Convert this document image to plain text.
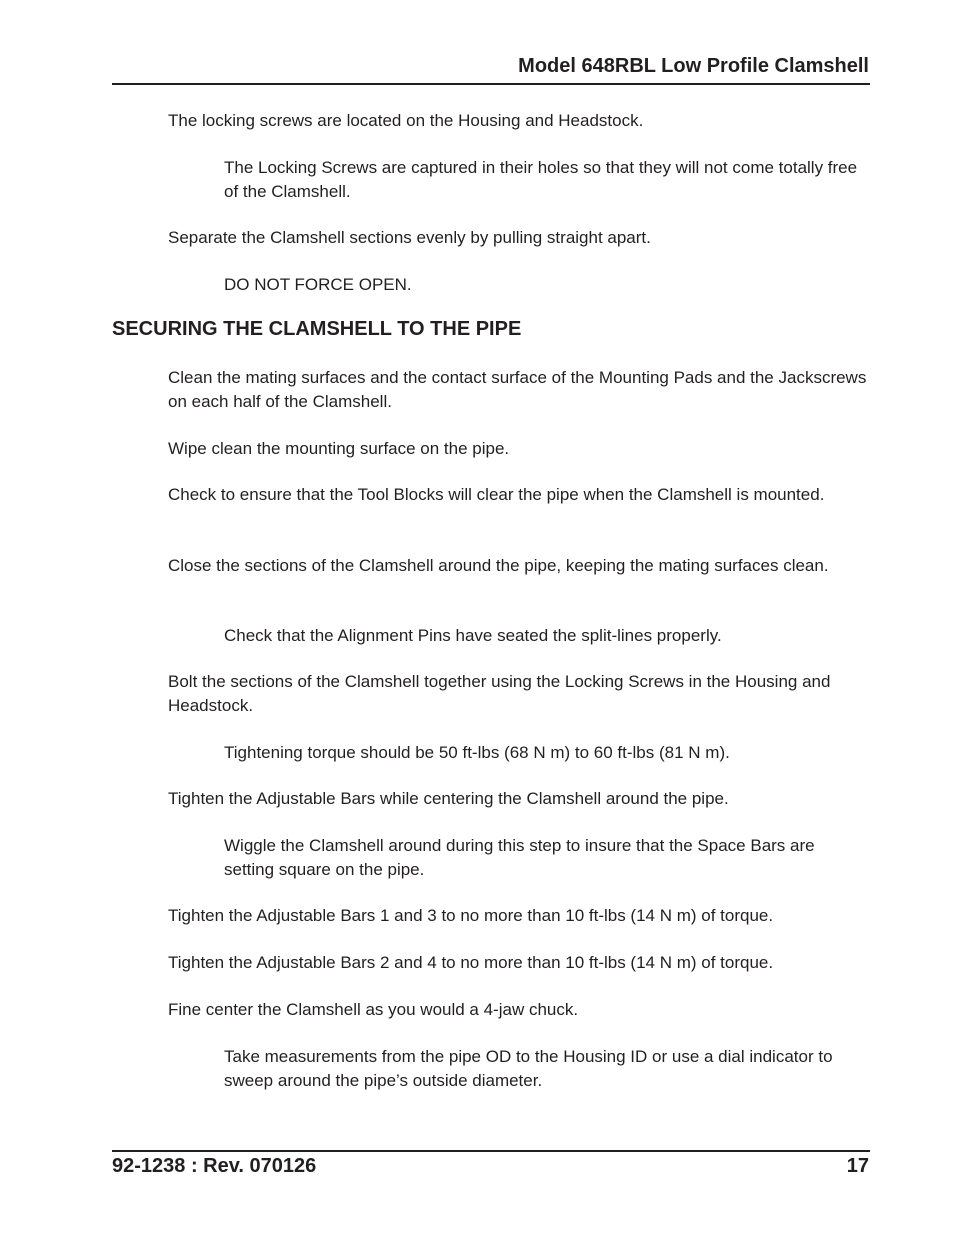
Model 648RBL Low Profile Clamshell

The locking screws are located on the Housing and Headstock.

The Locking Screws are captured in their holes so that they will not come totally free of the Clamshell.

Separate the Clamshell sections evenly by pulling straight apart.

DO NOT FORCE OPEN.

SECURING THE CLAMSHELL TO THE PIPE

Clean the mating surfaces and the contact surface of the Mounting Pads and the Jackscrews on each half of the Clamshell.

Wipe clean the mounting surface on the pipe.

Check to ensure that the Tool Blocks will clear the pipe when the Clamshell is mounted.

Close the sections of the Clamshell around the pipe, keeping the mating surfaces clean.

Check that the Alignment Pins have seated the split-lines properly.

Bolt the sections of the Clamshell together using the Locking Screws in the Housing and Headstock.

Tightening torque should be 50 ft-lbs (68 N m) to 60 ft-lbs (81 N m).

Tighten the Adjustable Bars while centering the Clamshell around the pipe.

Wiggle the Clamshell around during this step to insure that the Space Bars are setting square on the pipe.

Tighten the Adjustable Bars 1 and 3 to no more than 10 ft-lbs (14 N m) of torque.

Tighten the Adjustable Bars 2 and 4 to no more than 10 ft-lbs (14 N m) of torque.

Fine center the Clamshell as you would a 4-jaw chuck.

Take measurements from the pipe OD to the Housing ID or use a dial indicator to sweep around the pipe’s outside diameter.

92-1238 : Rev. 070126	17
